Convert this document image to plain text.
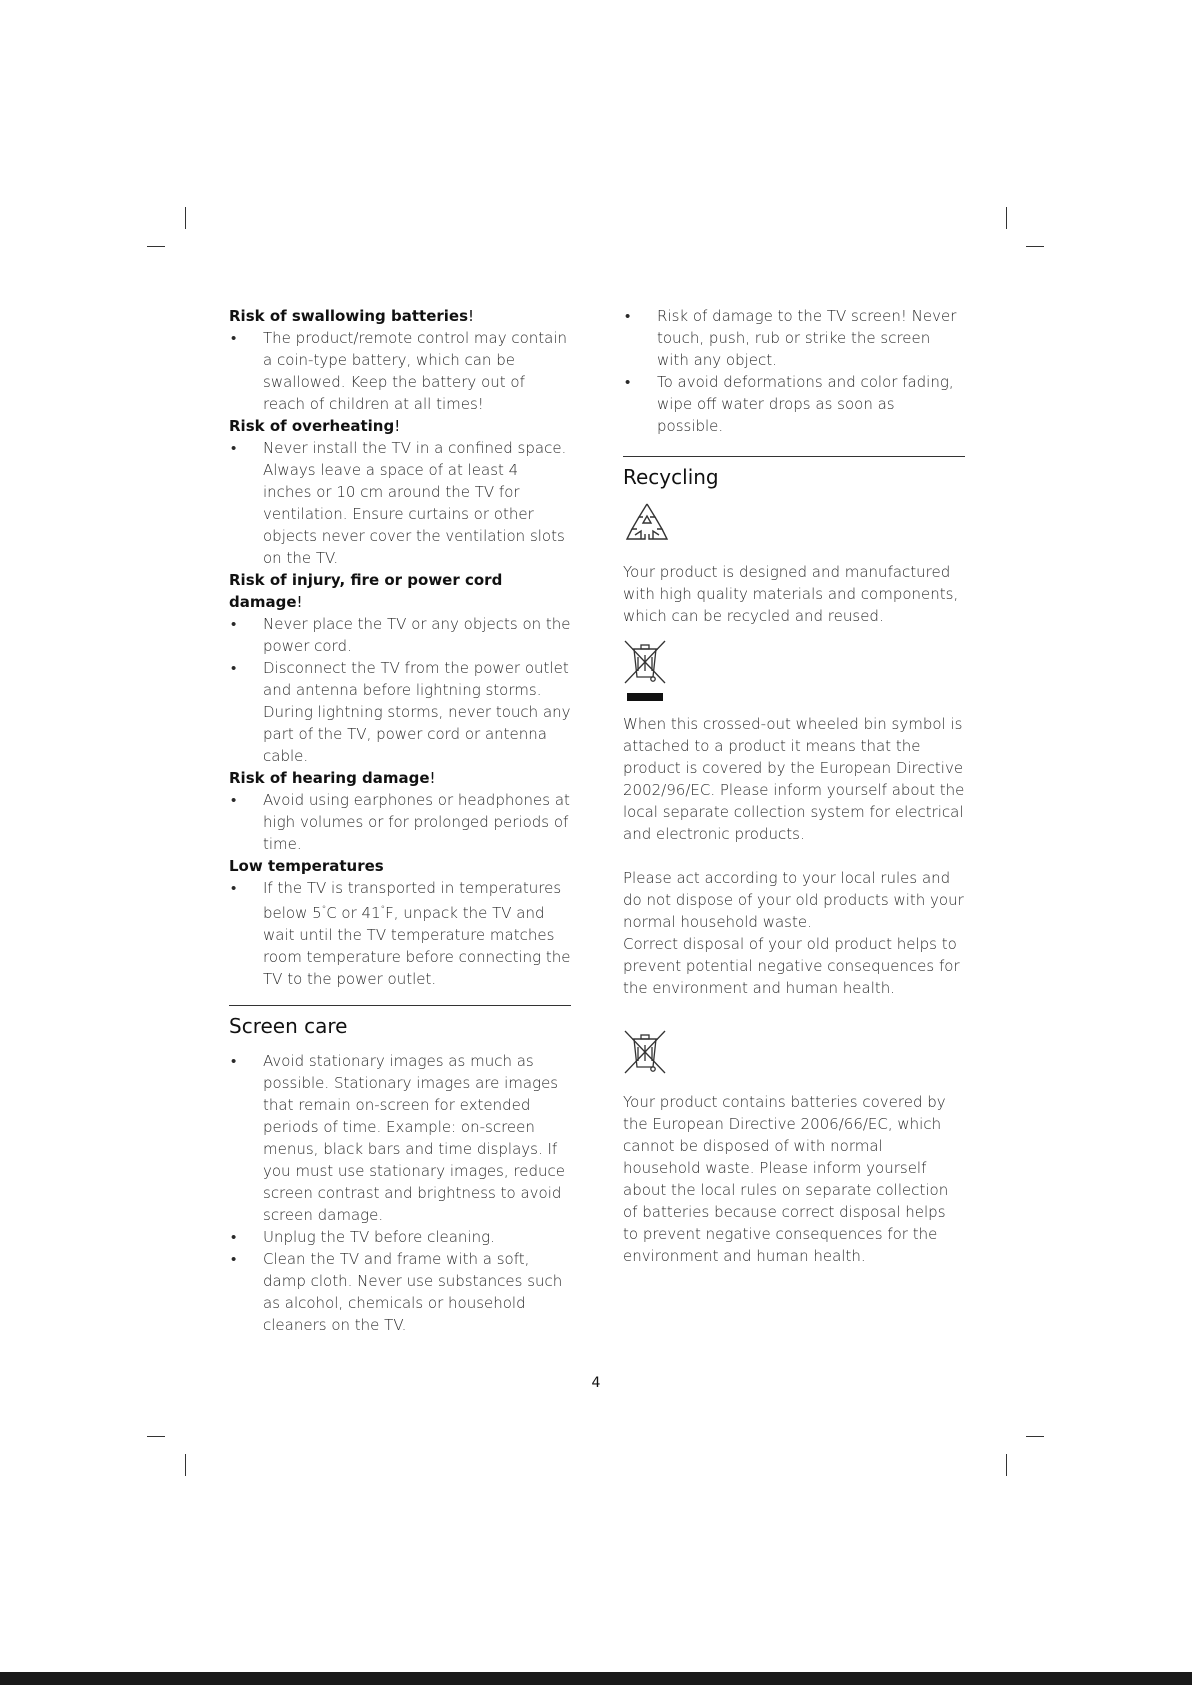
Risk of swallowing batteries!

• The product/remote control may contain a coin-type battery, which can be swallowed. Keep the battery out of reach of children at all times!

Risk of overheating!

• Never install the TV in a confined space. Always leave a space of at least 4 inches or 10 cm around the TV for ventilation. Ensure curtains or other objects never cover the ventilation slots on the TV.

Risk of injury, fire or power cord damage!

• Never place the TV or any objects on the power cord.
• Disconnect the TV from the power outlet and antenna before lightning storms. During lightning storms, never touch any part of the TV, power cord or antenna cable.

Risk of hearing damage!

• Avoid using earphones or headphones at high volumes or for prolonged periods of time.

Low temperatures

• If the TV is transported in temperatures below 5°C or 41°F, unpack the TV and wait until the TV temperature matches room temperature before connecting the TV to the power outlet.
Screen care
• Avoid stationary images as much as possible. Stationary images are images that remain on-screen for extended periods of time. Example: on-screen menus, black bars and time displays. If you must use stationary images, reduce screen contrast and brightness to avoid screen damage.
• Unplug the TV before cleaning.
• Clean the TV and frame with a soft, damp cloth. Never use substances such as alcohol, chemicals or household cleaners on the TV.
• Risk of damage to the TV screen! Never touch, push, rub or strike the screen with any object.
• To avoid deformations and color fading, wipe off water drops as soon as possible.
Recycling

Your product is designed and manufactured with high quality materials and components, which can be recycled and reused.

When this crossed-out wheeled bin symbol is attached to a product it means that the product is covered by the European Directive 2002/96/EC. Please inform yourself about the local separate collection system for electrical and electronic products.

Please act according to your local rules and do not dispose of your old products with your normal household waste.

Correct disposal of your old product helps to prevent potential negative consequences for the environment and human health.

Your product contains batteries covered by the European Directive 2006/66/EC, which cannot be disposed of with normal household waste. Please inform yourself about the local rules on separate collection of batteries because correct disposal helps to prevent negative consequences for the environment and human health.

4
